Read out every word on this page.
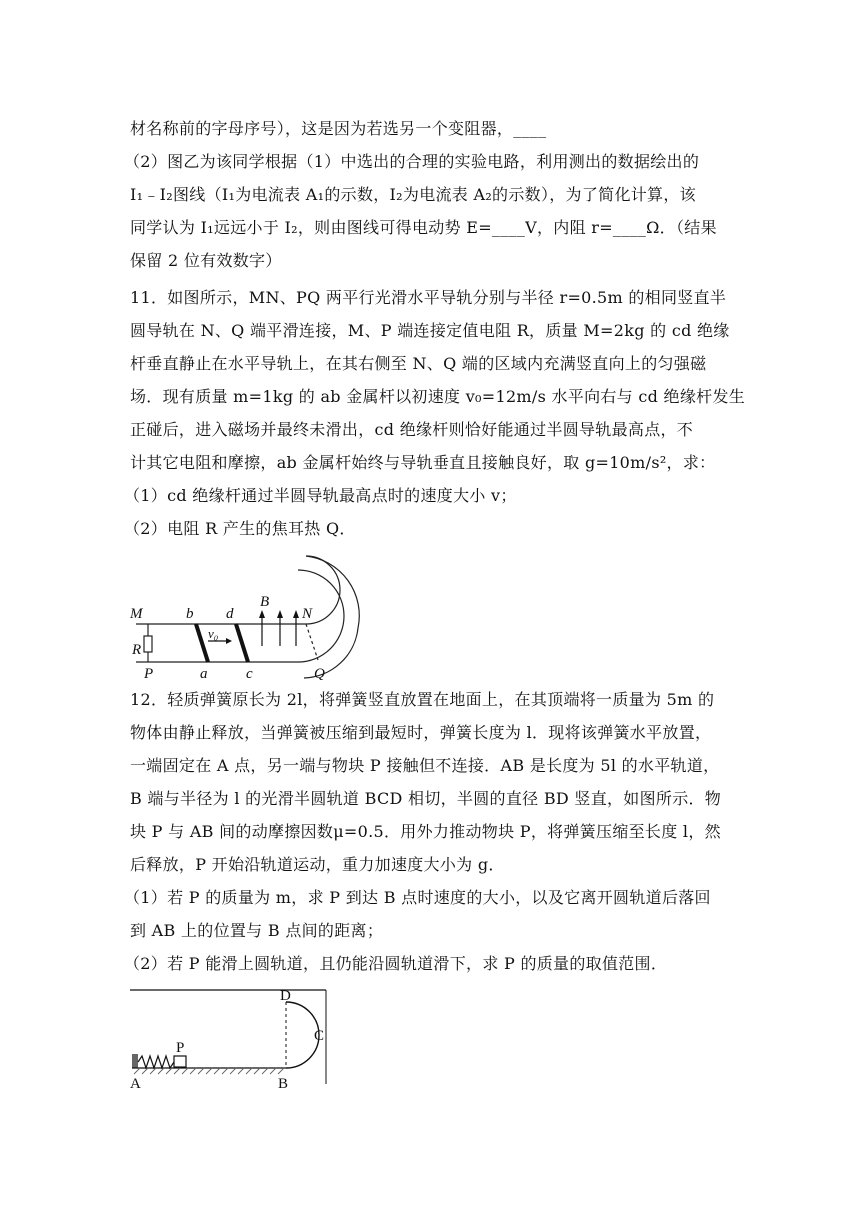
材名称前的字母序号），这是因为若选另一个变阻器，____
（2）图乙为该同学根据（1）中选出的合理的实验电路，利用测出的数据绘出的
I₁﹣I₂图线（I₁为电流表 A₁的示数，I₂为电流表 A₂的示数），为了简化计算，该
同学认为 I₁远远小于 I₂，则由图线可得电动势 E=____V，内阻 r=____Ω．（结果
保留 2 位有效数字）
11．如图所示，MN、PQ 两平行光滑水平导轨分别与半径 r=0.5m 的相同竖直半
圆导轨在 N、Q 端平滑连接，M、P 端连接定值电阻 R，质量 M=2kg 的 cd 绝缘
杆垂直静止在水平导轨上，在其右侧至 N、Q 端的区域内充满竖直向上的匀强磁
场．现有质量 m=1kg 的 ab 金属杆以初速度 v₀=12m/s 水平向右与 cd 绝缘杆发生
正碰后，进入磁场并最终未滑出，cd 绝缘杆则恰好能通过半圆导轨最高点，不
计其它电阻和摩擦，ab 金属杆始终与导轨垂直且接触良好，取 g=10m/s²，求：
（1）cd 绝缘杆通过半圆导轨最高点时的速度大小 v；
（2）电阻 R 产生的焦耳热 Q．
M	b d
B
N
R
v₀
P	a	c	Q
12．轻质弹簧原长为 2l，将弹簧竖直放置在地面上，在其顶端将一质量为 5m 的
物体由静止释放，当弹簧被压缩到最短时，弹簧长度为 l．现将该弹簧水平放置，
一端固定在 A 点，另一端与物块 P 接触但不连接．AB 是长度为 5l 的水平轨道，
B 端与半径为 l 的光滑半圆轨道 BCD 相切，半圆的直径 BD 竖直，如图所示．物
块 P 与 AB 间的动摩擦因数μ=0.5．用外力推动物块 P，将弹簧压缩至长度 l，然
后释放，P 开始沿轨道运动，重力加速度大小为 g．
（1）若 P 的质量为 m，求 P 到达 B 点时速度的大小，以及它离开圆轨道后落回
到 AB 上的位置与 B 点间的距离；
（2）若 P 能滑上圆轨道，且仍能沿圆轨道滑下，求 P 的质量的取值范围．
A	B
D
C
P
